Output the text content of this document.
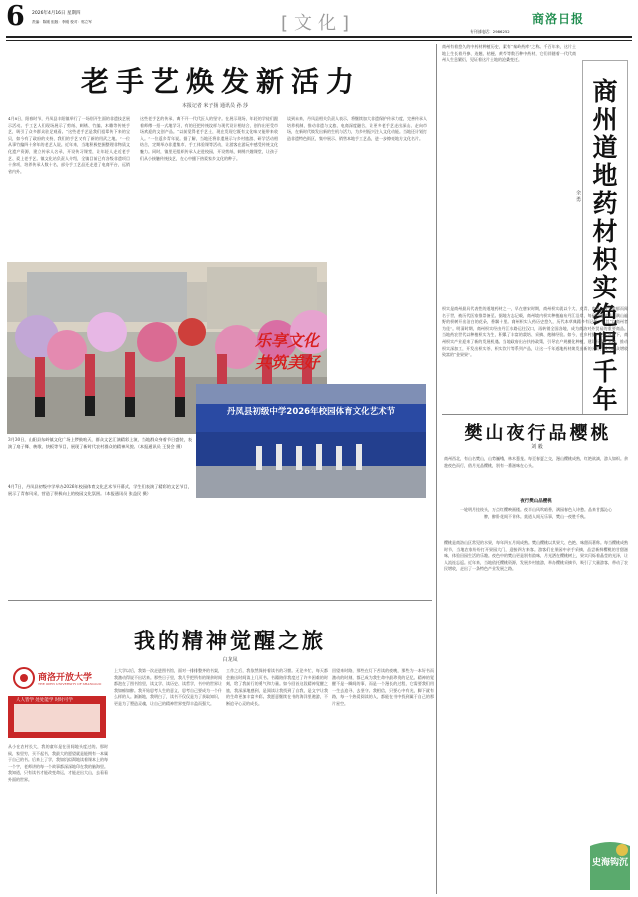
6 2026年4月16日 星期四
责编：陈刚 组版：李刚 校对：郭立军	[文化]	商洛日报
专刊部电话：2986252
老手艺焕发新活力
本报记者 米子扬 通讯员 孙 莎
4月8日，阳春时节，丹凤县丰阳镇举行了一场别开生面的非遗技艺展示活动。手工艺人们现场展示了剪纸、刺绣、竹编、木雕等传统手艺，吸引了众多群众驻足观看。“这些老手艺是我们祖辈传下来的宝贝，如今有了政府的支持，我们的手艺又有了新的用武之地。”一位从事竹编四十余年的老艺人说。近年来，当地积极挖掘整理非物质文化遗产资源，建立传承人名录，开设传习课堂，让年轻人走近老手艺、爱上老手艺。镇文化站负责人介绍，全镇目前已有各级非遗项目十余项，培养传承人数十名，部分手工艺品还走进了电商平台，远销省内外。
这些老手艺的传承，离不开一代代匠人的坚守。在展示现场，年轻的学徒们跟着师傅一招一式地学习，有的还把传统纹样与现代设计相结合，创作出更受市场欢迎的文创产品。“以前觉得老手艺土，现在发现它既有文化味又能带来收入。”一位返乡青年说。据了解，当地还将非遗展示与乡村旅游、研学活动相结合，定期举办非遗集市、手工体验课等活动，让游客在游玩中感受传统文化魅力。同时，镇里还组织传承人走进校园，开设剪纸、刺绣兴趣课堂，让孩子们从小接触传统技艺，在心中播下热爱家乡文化的种子。
谈到未来，丹凤县相关负责人表示，将继续加大非遗保护传承力度，完善传承人培养机制，推动非遗与文旅、电商深度融合，让更多老手艺走出深山、走向市场，在新时代焕发出新的生机与活力，为乡村振兴注入文化动能。当地还计划打造非遗特色街区，集中展示、销售本地手工艺品，进一步擦亮地方文化名片。
乐享文化
共筑美好
丹凤县初级中学2026年校园体育文化艺术节
3月30日，山阳县东岭镇文化广场上锣鼓喧天，群众文艺汇演精彩上演，当地群众身着节日盛装，表演了扇子舞、秧歌、快板等节目，展现了新时代农村群众的精神风貌。（本报通讯员 王贤会 摄）
4月7日，丹凤县初级中学举办2026年校园体育文化艺术节开幕式，学生们表演了精彩的文艺节目，展示了青春风采，营造了积极向上的校园文化氛围。（本报通讯员 张益民 摄）
我的精神觉醒之旅
白龙凤
商洛开放大学
THE OPEN UNIVERSITY OF SHANGLUO
人人皆学 处处能学 时时可学
从小在农村长大，我的童年是在田间地头度过的。那时候，家里穷，买不起书，我最大的愿望就是能拥有一本属于自己的书。后来上了学，我如饥似渴地读着课本上的每一个字，老师讲的每一个故事都深深地印在我的脑海里。我知道，只有读书才能改变命运，才能走出大山，去看看外面的世界。
上大学以后，我第一次走进图书馆，面对一排排整齐的书架，我激动得说不出话来。那些日子里，我几乎把所有的课余时间都泡在了图书馆里，读文学、读历史、读哲学，书中的世界让我如痴如醉。我开始思考人生的意义，思考自己要成为一个什么样的人。渐渐地，我明白了，读书不仅仅是为了获取知识，更是为了塑造灵魂，让自己的精神世界变得丰盈而强大。
工作之后，我依然保持着读书的习惯。无论多忙，每天都会抽出时间读上几页书。书籍陪伴我度过了许多困难的时刻，给了我前行的勇气和力量。如今回首这段精神觉醒之旅，我深深地感到，是阅读让我找到了自我，是文字让我的生命更加丰富多彩。我愿意继续在书的海洋里遨游，不断追寻心灵的成长。
回望来时路，那些在灯下苦读的夜晚，那些为一本好书而激动的时刻，都已成为我生命中最珍贵的记忆。精神的觉醒不是一瞬间的事，而是一个漫长的过程，它需要我们用一生去追寻、去坚守。我相信，只要心中有光，脚下就有路，每一个热爱阅读的人，都能在书中找到属于自己的那片星空。
商州有着悠久的中药材种植历史，素有“秦岭药库”之称。千百年来，这片土地上生长着丹参、连翘、桔梗、黄芩等数百种中药材，它们伴随着一代代商州人生息繁衍，见证着这片土地的沧桑变迁。
商州道地药材枳实绝唱千年
余 勇
枳实是商州最具代表性的道地药材之一，早在唐宋时期，商州枳实就以个大、皮青、肉厚、香气浓郁而闻名于世，被历代医家推崇备至。据地方志记载，商州境内枳实种植遍布丹江沿岸，每到初夏时节，满山遍野的枳树开出洁白的花朵，香飘十里。商州枳实入药历史悠久，历代本草典籍多有记载，称其“以商州者为佳”。明清时期，商州枳实经由丹江水路运往汉口，再转销全国各地，成为商洛对外贸易的重要商品。当地药农世代以种植枳实为生，积累了丰富的栽培、采摘、炮制经验。如今，在乡村振兴的大背景下，商州枳实产业迎来了新的发展机遇。当地政府出台扶持政策，引导农户规模化种植，建设标准化基地，推动枳实深加工，开发出枳实茶、枳实饮片等系列产品，让这一千年道地药材焕发出新的光彩，成为群众增收致富的“金果果”。
樊山夜行品樱桃
刘 毅
商州西北，有山名樊山，山势巍峨，林木葱茏。每至春夏之交，漫山樱桃成熟，红艳欲滴，游人如织。余趁夜色而行，借月光品樱桃，别有一番滋味在心头。
夜行樊山品樱桃
一轮明月挂枝头，万点红樱映画楼。夜半山风吹暗香，满园春色入诗愁。品来甘露沁心脾，醉卧花间不肯休。莫道人间无乐事，樊山一夜胜千秋。
樱桃是商洛山区常见的水果，每年四五月间成熟。樊山樱桃以其果大、色艳、味甜而著称。每当樱桃成熟时节，当地农家纷纷打开果园大门，迎接四方来客。游客们在果园中亲手采摘，品尝新鲜樱桃的甘甜滋味，体验田园生活的乐趣。夜色中的樊山更是别有韵味，月光洒在樱桃树上，果实闪烁着晶莹的光泽，让人流连忘返。近年来，当地依托樱桃资源，发展乡村旅游，举办樱桃采摘节，吸引了大量游客，带动了农民增收，走出了一条特色产业发展之路。
史海钩沉
